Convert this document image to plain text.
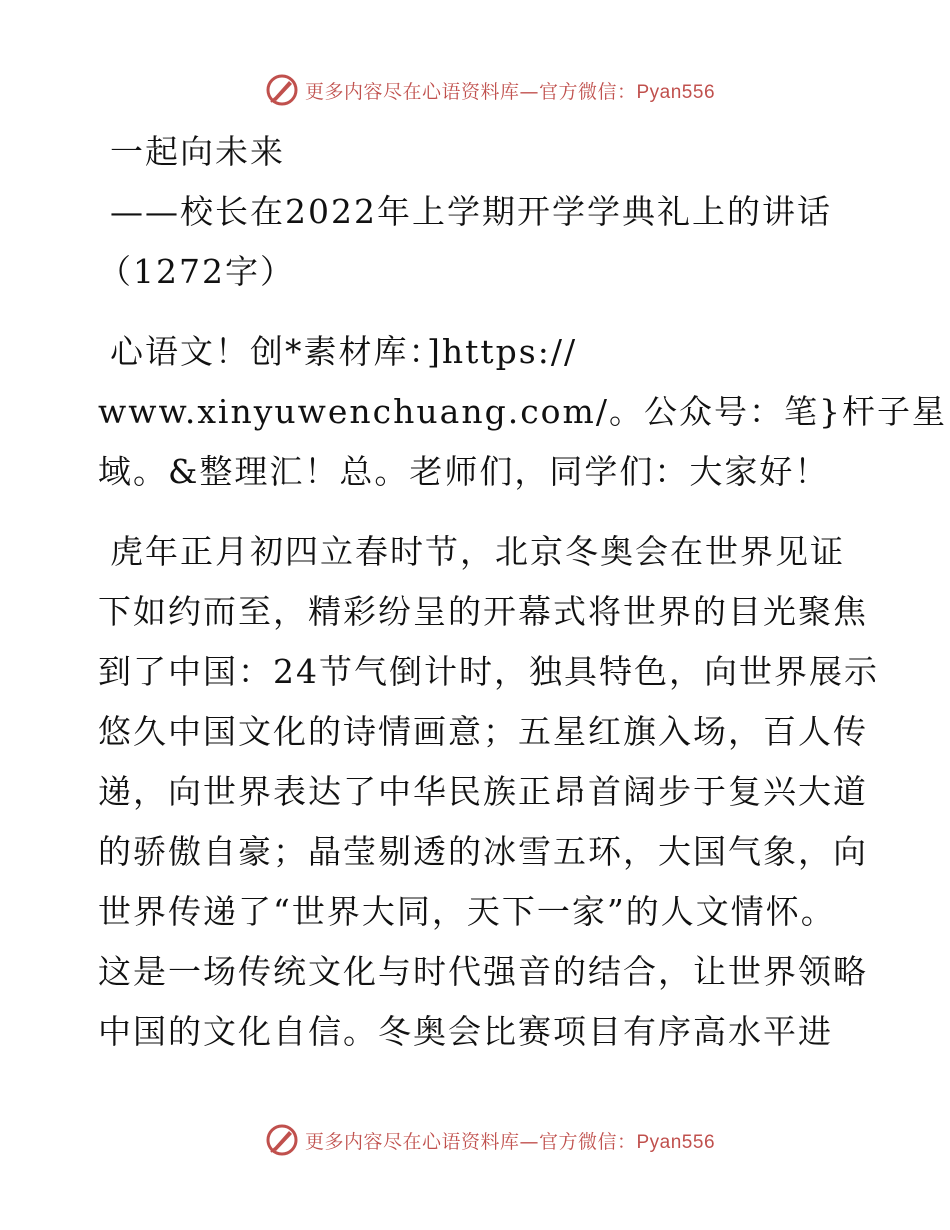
更多内容尽在心语资料库—官方微信：Pyan556

一起向未来

——校长在2022年上学期开学学典礼上的讲话

（1272字）

心语文！创*素材库：]https://

www.xinyuwenchuang.com/。公众号：笔}杆子星

域。&整理汇！总。老师们，同学们：大家好！

虎年正月初四立春时节，北京冬奥会在世界见证

下如约而至，精彩纷呈的开幕式将世界的目光聚焦

到了中国：24节气倒计时，独具特色，向世界展示

悠久中国文化的诗情画意；五星红旗入场，百人传

递，向世界表达了中华民族正昂首阔步于复兴大道

的骄傲自豪；晶莹剔透的冰雪五环，大国气象，向

世界传递了“世界大同，天下一家”的人文情怀。

这是一场传统文化与时代强音的结合，让世界领略

中国的文化自信。冬奥会比赛项目有序高水平进

更多内容尽在心语资料库—官方微信：Pyan556
